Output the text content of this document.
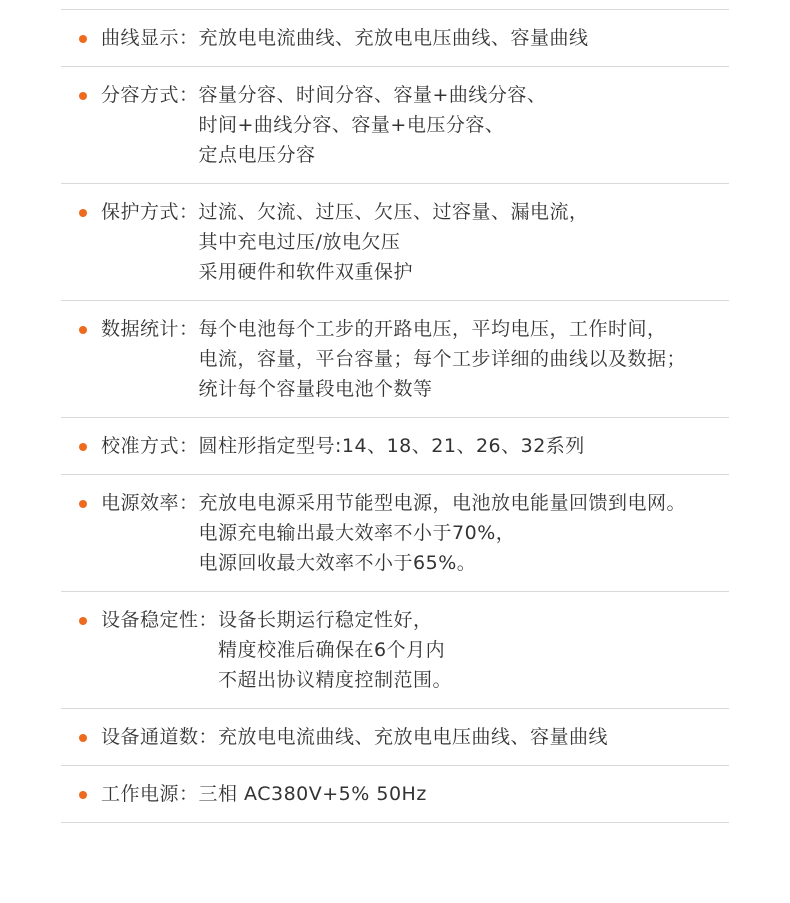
曲线显示： 充放电电流曲线、充放电电压曲线、容量曲线
分容方式： 容量分容、时间分容、容量+曲线分容、
时间+曲线分容、容量+电压分容、
定点电压分容
保护方式： 过流、欠流、过压、欠压、过容量、漏电流，
其中充电过压/放电欠压
采用硬件和软件双重保护
数据统计： 每个电池每个工步的开路电压，平均电压，工作时间，
电流，容量，平台容量；每个工步详细的曲线以及数据；
统计每个容量段电池个数等
校准方式： 圆柱形指定型号:14、18、21、26、32系列
电源效率： 充放电电源采用节能型电源，电池放电能量回馈到电网。
电源充电输出最大效率不小于70%，
电源回收最大效率不小于65%。
设备稳定性： 设备长期运行稳定性好，
精度校准后确保在6个月内
不超出协议精度控制范围。
设备通道数： 充放电电流曲线、充放电电压曲线、容量曲线
工作电源： 三相 AC380V+5% 50Hz
